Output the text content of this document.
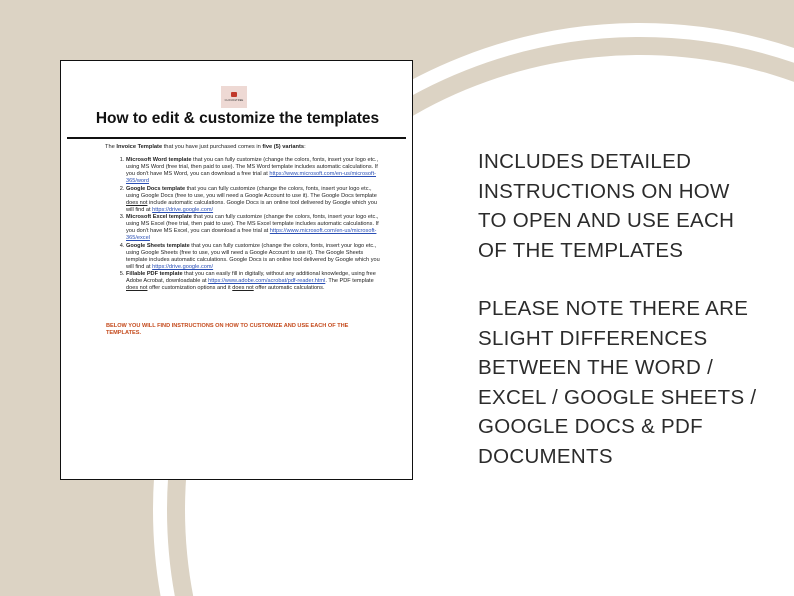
CLOUD&TREE
How to edit & customize the templates
The Invoice Template that you have just purchased comes in five (5) variants:
1. Microsoft Word template that you can fully customize (change the colors, fonts, insert your logo etc., using MS Word (free trial, then paid to use). The MS Word template includes automatic calculations. If you don't have MS Word, you can download a free trial at https://www.microsoft.com/en-us/microsoft-365/word
2. Google Docs template that you can fully customize (change the colors, fonts, insert your logo etc., using Google Docs (free to use, you will need a Google Account to use it). The Google Docs template does not include automatic calculations. Google Docs is an online tool delivered by Google which you will find at https://drive.google.com/
3. Microsoft Excel template that you can fully customize (change the colors, fonts, insert your logo etc., using MS Excel (free trial, then paid to use). The MS Excel template includes automatic calculations. If you don't have MS Excel, you can download a free trial at https://www.microsoft.com/en-us/microsoft-365/excel
4. Google Sheets template that you can fully customize (change the colors, fonts, insert your logo etc., using Google Sheets (free to use, you will need a Google Account to use it). The Google Sheets template includes automatic calculations. Google Docs is an online tool delivered by Google which you will find at https://drive.google.com/
5. Fillable PDF template that you can easily fill in digitally, without any additional knowledge, using free Adobe Acrobat, downloadable at https://www.adobe.com/acrobat/pdf-reader.html. The PDF template does not offer customization options and it does not offer automatic calculations.
BELOW YOU WILL FIND INSTRUCTIONS ON HOW TO CUSTOMIZE AND USE EACH OF THE TEMPLATES.
INCLUDES DETAILED
INSTRUCTIONS ON HOW
TO OPEN AND USE EACH
OF THE TEMPLATES
PLEASE NOTE THERE ARE
SLIGHT DIFFERENCES
BETWEEN THE WORD /
EXCEL / GOOGLE SHEETS /
GOOGLE DOCS & PDF
DOCUMENTS
